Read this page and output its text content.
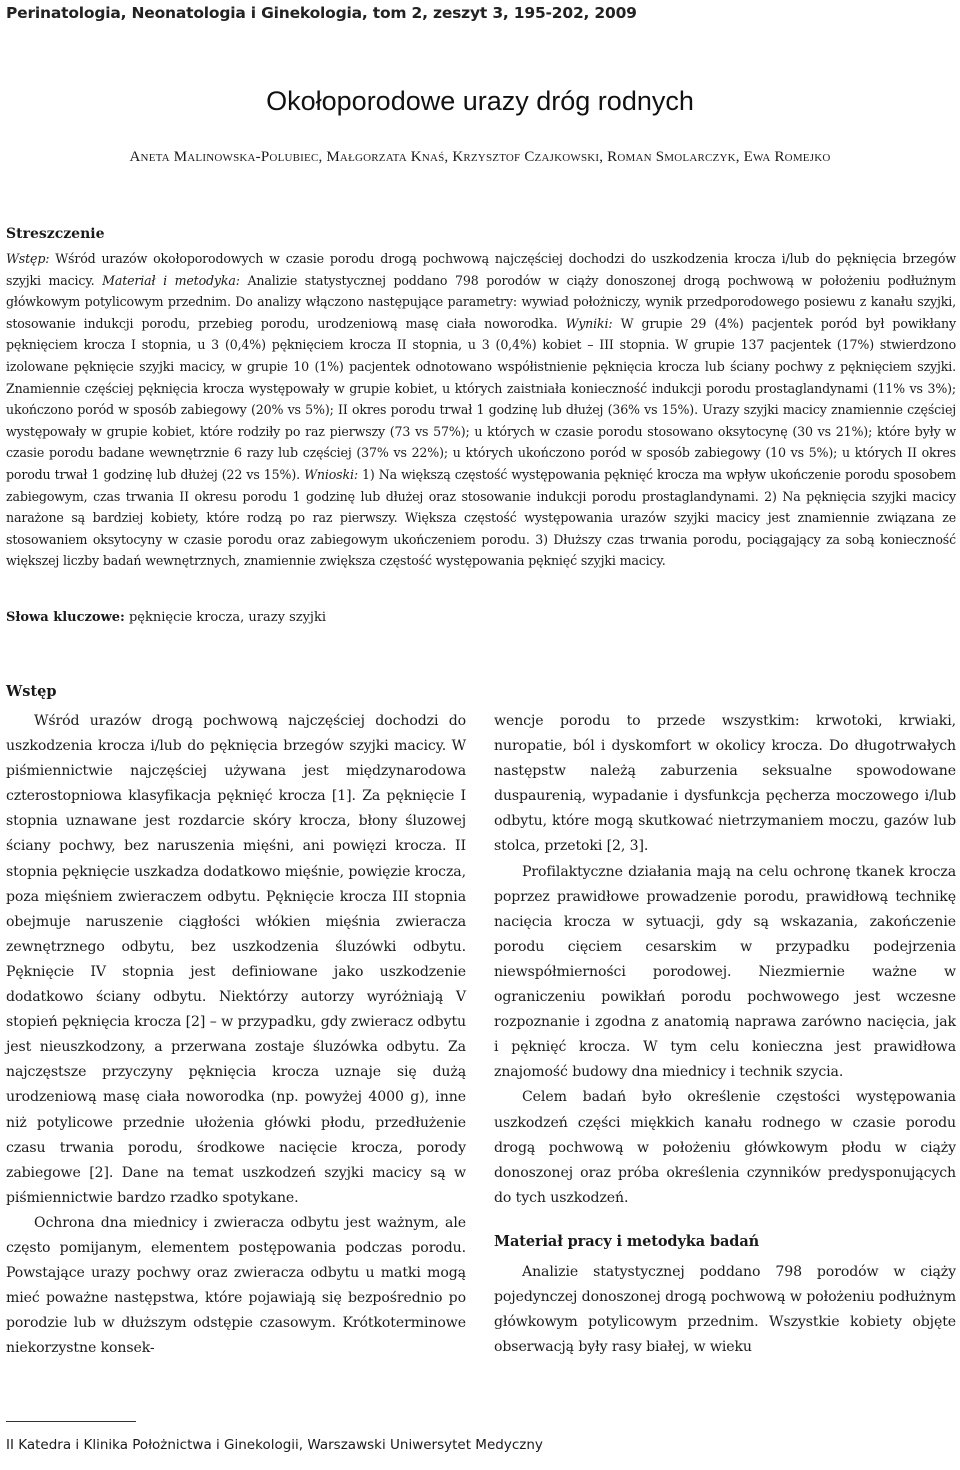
Perinatologia, Neonatologia i Ginekologia, tom 2, zeszyt 3, 195-202, 2009
Okołoporodowe urazy dróg rodnych
Aneta Malinowska-Polubiec, Małgorzata Knaś, Krzysztof Czajkowski, Roman Smolarczyk, Ewa Romejko
Streszczenie
Wstęp: Wśród urazów okołoporodowych w czasie porodu drogą pochwową najczęściej dochodzi do uszkodzenia krocza i/lub do pęknięcia brzegów szyjki macicy. Materiał i metodyka: Analizie statystycznej poddano 798 porodów w ciąży donoszonej drogą pochwową w położeniu podłużnym główkowym potylicowym przednim. Do analizy włączono następujące parametry: wywiad położniczy, wynik przedporodowego posiewu z kanału szyjki, stosowanie indukcji porodu, przebieg porodu, urodzeniową masę ciała noworodka. Wyniki: W grupie 29 (4%) pacjentek poród był powikłany pęknięciem krocza I stopnia, u 3 (0,4%) pęknięciem krocza II stopnia, u 3 (0,4%) kobiet – III stopnia. W grupie 137 pacjentek (17%) stwierdzono izolowane pęknięcie szyjki macicy, w grupie 10 (1%) pacjentek odnotowano współistnienie pęknięcia krocza lub ściany pochwy z pęknięciem szyjki. Znamiennie częściej pęknięcia krocza występowały w grupie kobiet, u których zaistniała konieczność indukcji porodu prostaglandynami (11% vs 3%); ukończono poród w sposób zabiegowy (20% vs 5%); II okres porodu trwał 1 godzinę lub dłużej (36% vs 15%). Urazy szyjki macicy znamiennie częściej występowały w grupie kobiet, które rodziły po raz pierwszy (73 vs 57%); u których w czasie porodu stosowano oksytocynę (30 vs 21%); które były w czasie porodu badane wewnętrznie 6 razy lub częściej (37% vs 22%); u których ukończono poród w sposób zabiegowy (10 vs 5%); u których II okres porodu trwał 1 godzinę lub dłużej (22 vs 15%). Wnioski: 1) Na większą częstość występowania pęknięć krocza ma wpływ ukończenie porodu sposobem zabiegowym, czas trwania II okresu porodu 1 godzinę lub dłużej oraz stosowanie indukcji porodu prostaglandynami. 2) Na pęknięcia szyjki macicy narażone są bardziej kobiety, które rodzą po raz pierwszy. Większa częstość występowania urazów szyjki macicy jest znamiennie związana ze stosowaniem oksytocyny w czasie porodu oraz zabiegowym ukończeniem porodu. 3) Dłuższy czas trwania porodu, pociągający za sobą konieczność większej liczby badań wewnętrznych, znamiennie zwiększa częstość występowania pęknięć szyjki macicy.
Słowa kluczowe: pęknięcie krocza, urazy szyjki
Wstęp

Wśród urazów drogą pochwową najczęściej dochodzi do uszkodzenia krocza i/lub do pęknięcia brzegów szyjki macicy. W piśmiennictwie najczęściej używana jest międzynarodowa czterostopniowa klasyfikacja pęknięć krocza [1]. Za pęknięcie I stopnia uznawane jest rozdarcie skóry krocza, błony śluzowej ściany pochwy, bez naruszenia mięśni, ani powięzi krocza. II stopnia pęknięcie uszkadza dodatkowo mięśnie, powięzie krocza, poza mięśniem zwieraczem odbytu. Pęknięcie krocza III stopnia obejmuje naruszenie ciągłości włókien mięśnia zwieracza zewnętrznego odbytu, bez uszkodzenia śluzówki odbytu. Pęknięcie IV stopnia jest definiowane jako uszkodzenie dodatkowo ściany odbytu. Niektórzy autorzy wyróżniają V stopień pęknięcia krocza [2] – w przypadku, gdy zwieracz odbytu jest nieuszkodzony, a przerwana zostaje śluzówka odbytu. Za najczęstsze przyczyny pęknięcia krocza uznaje się dużą urodzeniową masę ciała noworodka (np. powyżej 4000 g), inne niż potylicowe przednie ułożenia główki płodu, przedłużenie czasu trwania porodu, środkowe nacięcie krocza, porody zabiegowe [2]. Dane na temat uszkodzeń szyjki macicy są w piśmiennictwie bardzo rzadko spotykane.

Ochrona dna miednicy i zwieracza odbytu jest ważnym, ale często pomijanym, elementem postępowania podczas porodu. Powstające urazy pochwy oraz zwieracza odbytu u matki mogą mieć poważne następstwa, które pojawiają się bezpośrednio po porodzie lub w dłuższym odstępie czasowym. Krótkoterminowe niekorzystne konsek-

wencje porodu to przede wszystkim: krwotoki, krwiaki, nuropatie, ból i dyskomfort w okolicy krocza. Do długotrwałych następstw należą zaburzenia seksualne spowodowane duspaurenią, wypadanie i dysfunkcja pęcherza moczowego i/lub odbytu, które mogą skutkować nietrzymaniem moczu, gazów lub stolca, przetoki [2, 3].

Profilaktyczne działania mają na celu ochronę tkanek krocza poprzez prawidłowe prowadzenie porodu, prawidłową technikę nacięcia krocza w sytuacji, gdy są wskazania, zakończenie porodu cięciem cesarskim w przypadku podejrzenia niewspółmierności porodowej. Niezmiernie ważne w ograniczeniu powikłań porodu pochwowego jest wczesne rozpoznanie i zgodna z anatomią naprawa zarówno nacięcia, jak i pęknięć krocza. W tym celu konieczna jest prawidłowa znajomość budowy dna miednicy i technik szycia.

Celem badań było określenie częstości występowania uszkodzeń części miękkich kanału rodnego w czasie porodu drogą pochwową w położeniu główkowym płodu w ciąży donoszonej oraz próba określenia czynników predysponujących do tych uszkodzeń.

Materiał pracy i metodyka badań

Analizie statystycznej poddano 798 porodów w ciąży pojedynczej donoszonej drogą pochwową w położeniu podłużnym główkowym potylicowym przednim. Wszystkie kobiety objęte obserwacją były rasy białej, w wieku

II Katedra i Klinika Położnictwa i Ginekologii, Warszawski Uniwersytet Medyczny
